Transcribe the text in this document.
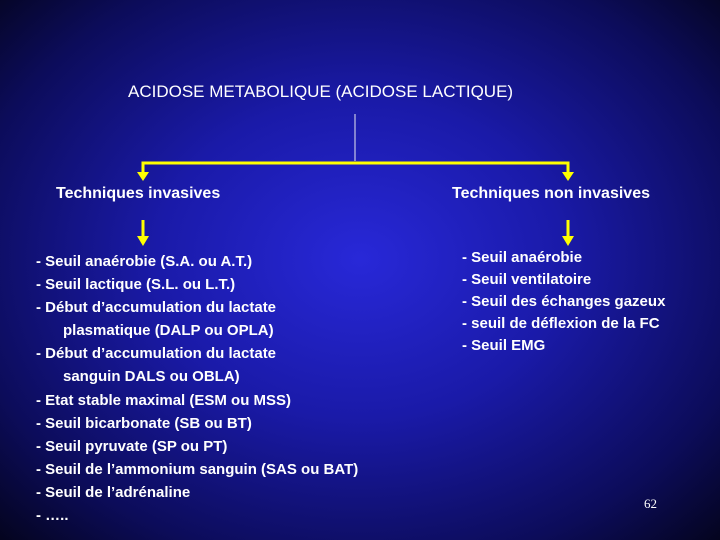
ACIDOSE METABOLIQUE (ACIDOSE LACTIQUE)
Techniques invasives	Techniques non invasives
- Seuil anaérobie (S.A. ou A.T.)
- Seuil lactique (S.L. ou L.T.)
- Début d’accumulation du lactate
plasmatique (DALP ou OPLA)
- Début d’accumulation du lactate
sanguin DALS ou OBLA)
- Etat stable maximal (ESM ou MSS)
- Seuil bicarbonate (SB ou BT)
- Seuil pyruvate (SP ou PT)
- Seuil de l’ammonium sanguin (SAS ou BAT)
- Seuil de l’adrénaline
- …..
- Seuil anaérobie
- Seuil ventilatoire
- Seuil des échanges gazeux
- seuil de déflexion de la FC
- Seuil EMG
62
